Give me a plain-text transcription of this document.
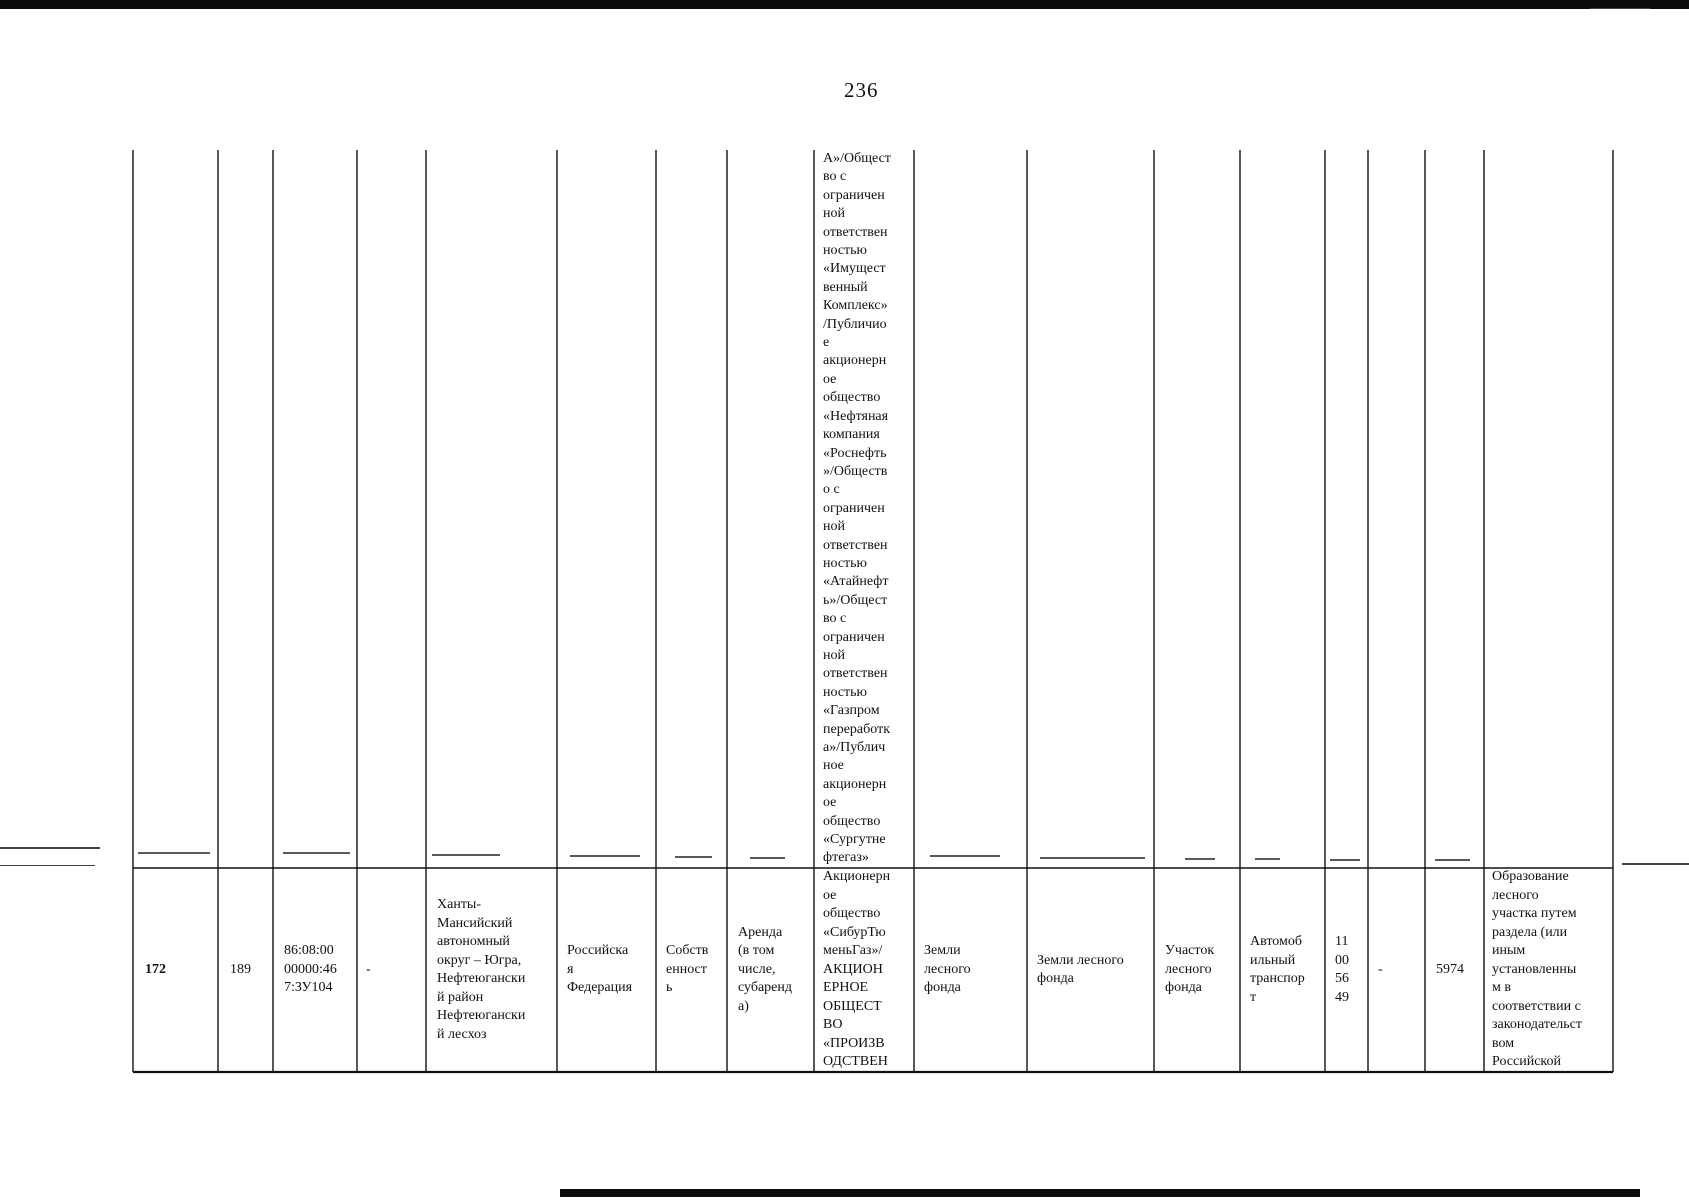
236
А»/Общест
во с
ограничен
ной
ответствен
ностью
«Имущест
венный
Комплекс»
/Публичио
е
акционерн
ое
общество
«Нефтяная
компания
«Роснефть
»/Обществ
о с
ограничен
ной
ответствен
ностью
«Атайнефт
ь»/Общест
во с
ограничен
ной
ответствен
ностью
«Газпром
переработк
а»/Публич
ное
акционерн
ое
общество
«Сургутне
фтегаз»
172	189
86:08:00
00000:46
7:ЗУ104
-
Ханты-
Мансийский
автономный
округ – Югра,
Нефтеюгански
й район
Нефтеюгански
й лесхоз
Российска
я
Федерация
Собств
енност
ь
Аренда
(в том
числе,
субаренд
а)
Акционерн
ое
общество
«СибурТю
меньГаз»/
АКЦИОН
ЕРНОЕ
ОБЩЕСТ
ВО
«ПРОИЗВ
ОДСТВЕН
Земли
лесного
фонда
Земли лесного
фонда
Участок
лесного
фонда
Автомоб
ильный
транспор
т
11
00
56
49
-	5974
Образование
лесного
участка путем
раздела (или
иным
установленны
м в
соответствии с
законодательст
вом
Российской
